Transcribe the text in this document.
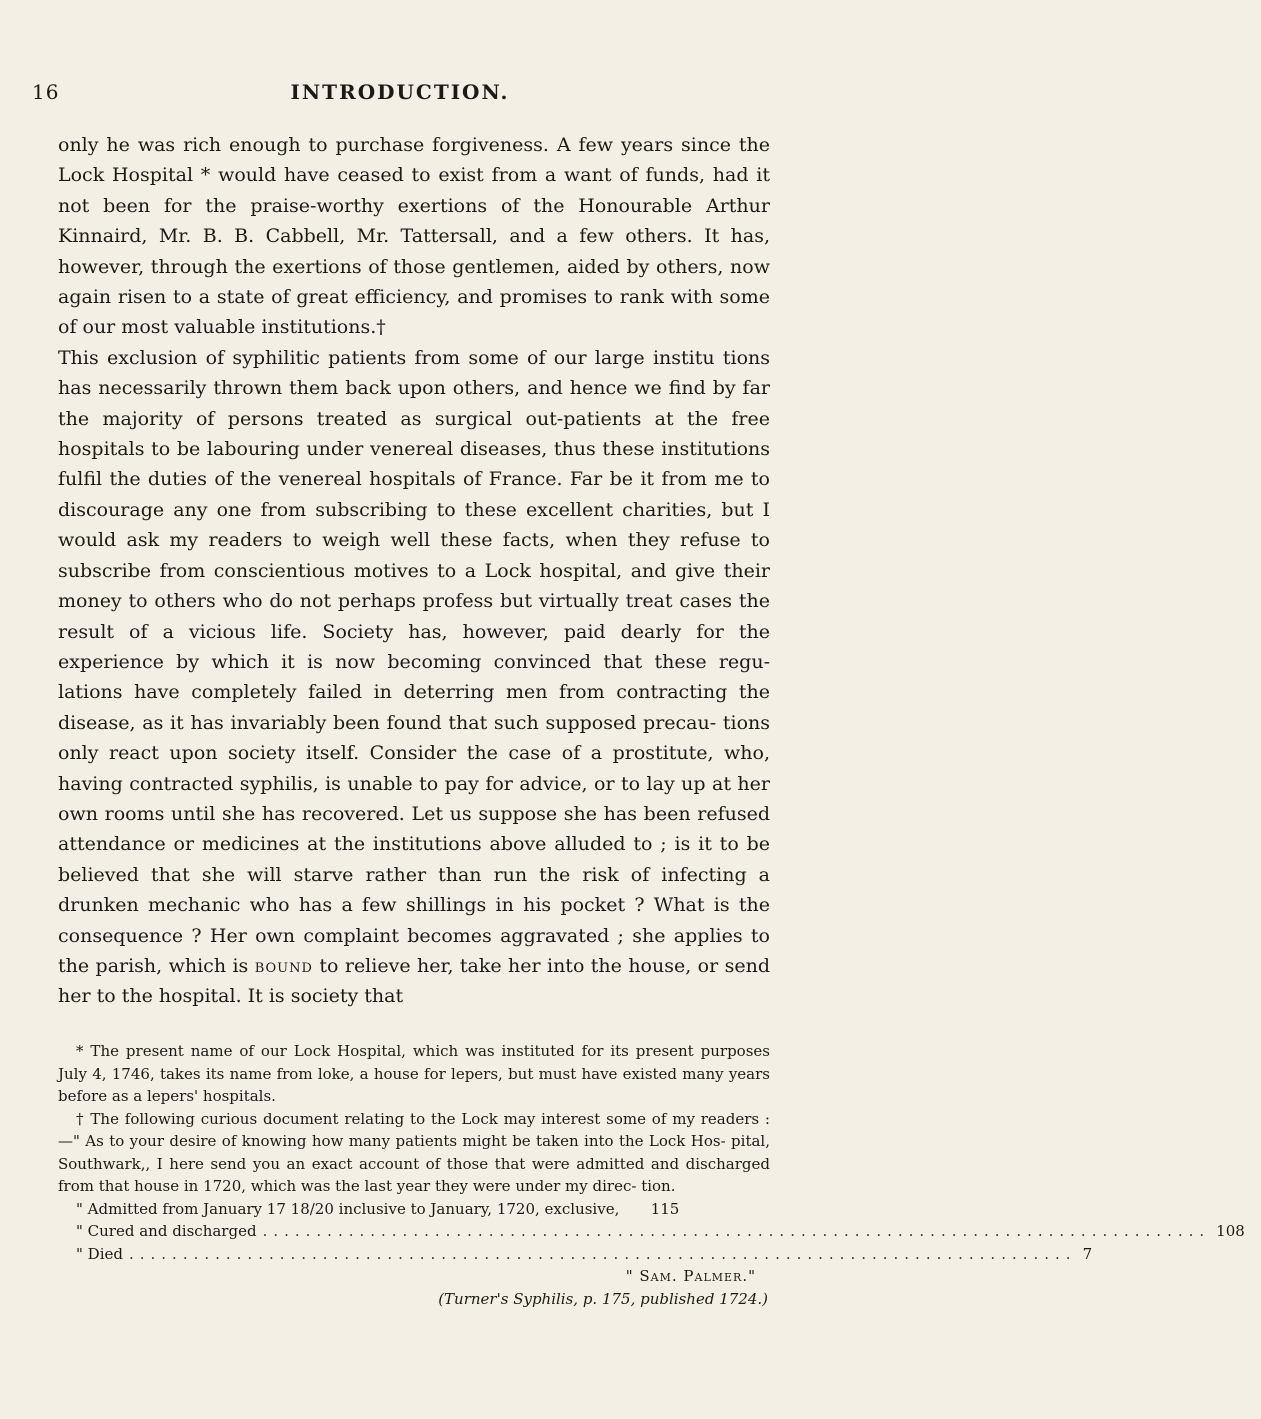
16	INTRODUCTION.

only he was rich enough to purchase forgiveness. A few years since the Lock Hospital * would have ceased to exist from a want of funds, had it not been for the praise-worthy exertions of the Honourable Arthur Kinnaird, Mr. B. B. Cabbell, Mr. Tattersall, and a few others. It has, however, through the exertions of those gentlemen, aided by others, now again risen to a state of great efficiency, and promises to rank with some of our most valuable institutions.†

This exclusion of syphilitic patients from some of our large institu tions has necessarily thrown them back upon others, and hence we find by far the majority of persons treated as surgical out-patients at the free hospitals to be labouring under venereal diseases, thus these institutions fulfil the duties of the venereal hospitals of France. Far be it from me to discourage any one from subscribing to these excellent charities, but I would ask my readers to weigh well these facts, when they refuse to subscribe from conscientious motives to a Lock hospital, and give their money to others who do not perhaps profess but virtually treat cases the result of a vicious life. Society has, however, paid dearly for the experience by which it is now becoming convinced that these regu- lations have completely failed in deterring men from contracting the disease, as it has invariably been found that such supposed precau- tions only react upon society itself. Consider the case of a prostitute, who, having contracted syphilis, is unable to pay for advice, or to lay up at her own rooms until she has recovered. Let us suppose she has been refused attendance or medicines at the institutions above alluded to ; is it to be believed that she will starve rather than run the risk of infecting a drunken mechanic who has a few shillings in his pocket ? What is the consequence ? Her own complaint becomes aggravated ; she applies to the parish, which is bound to relieve her, take her into the house, or send her to the hospital. It is society that

* The present name of our Lock Hospital, which was instituted for its present purposes July 4, 1746, takes its name from loke, a house for lepers, but must have existed many years before as a lepers' hospitals.

† The following curious document relating to the Lock may interest some of my readers : —" As to your desire of knowing how many patients might be taken into the Lock Hos- pital, Southwark,, I here send you an exact account of those that were admitted and discharged from that house in 1720, which was the last year they were under my direc- tion.

" Admitted from January 17 18/20 inclusive to January, 1720, exclusive,	115
" Cured and discharged ........................................................................................ 108
" Died ........................................................................................ 7
" Sam. Palmer."
(Turner's Syphilis, p. 175, published 1724.)
